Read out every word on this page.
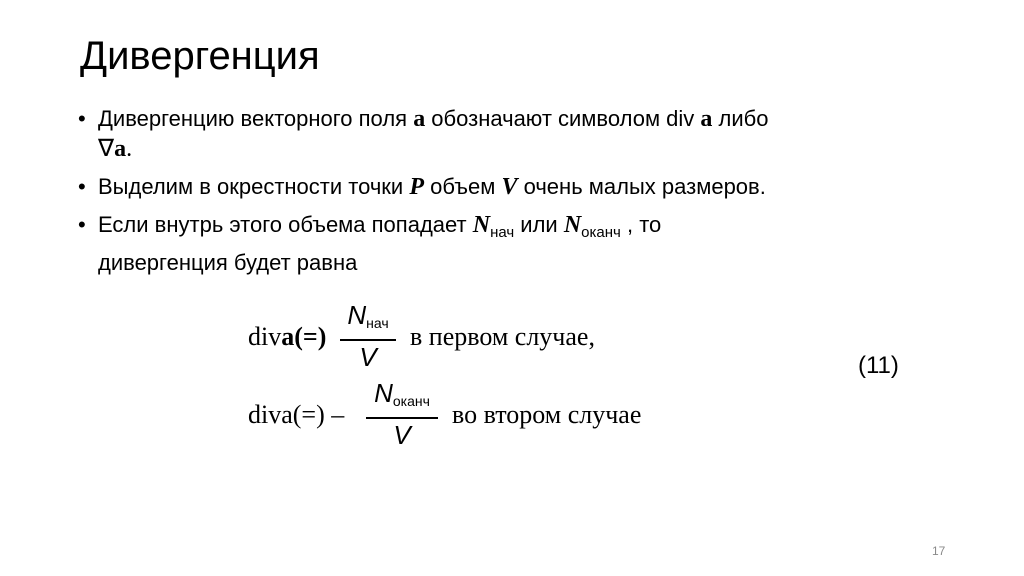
Дивергенция
• Дивергенцию векторного поля a обозначают символом div a либо
∇a.
• Выделим в окрестности точки P объем V очень малых размеров.
• Если внутрь этого объема попадает $N_{нач}$ или $N_{оканч}$ , то
дивергенция будет равна
diva(=)
Nнач
V
в первом случае,
diva(=) –
Nоканч
V
во втором случае
(11)
17
